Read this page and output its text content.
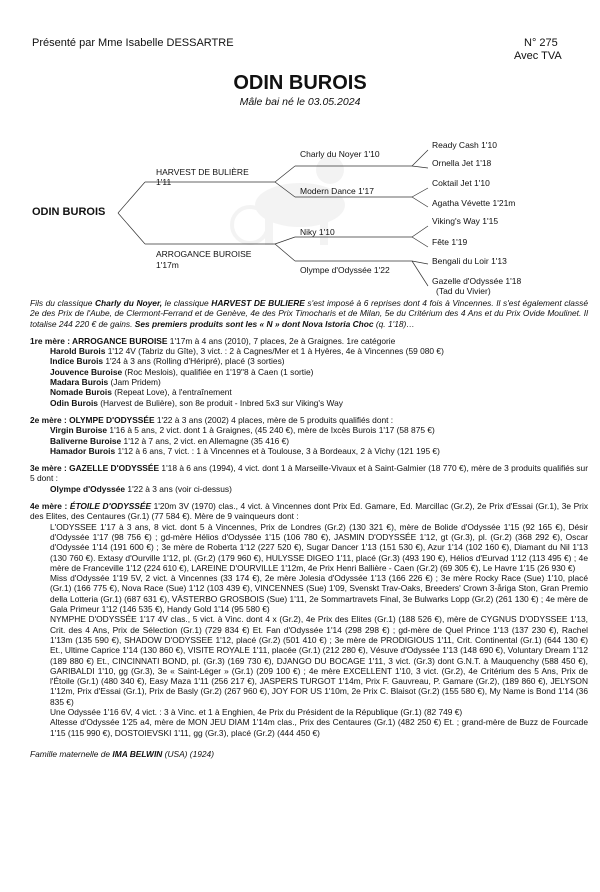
Présenté par Mme Isabelle DESSARTRE	N° 275
Avec TVA
ODIN BUROIS
Mâle bai né le 03.05.2024
ODIN BUROIS
HARVEST DE BULIÈRE
1'11
ARROGANCE BUROISE
1'17m
Charly du Noyer 1'10
Modern Dance 1'17
Niky 1'10
Olympe d'Odyssée 1'22
Ready Cash 1'10
Ornella Jet 1'18
Coktail Jet 1'10
Agatha Vévette 1'21m
Viking's Way 1'15
Fête 1'19
Bengali du Loir 1'13
Gazelle d'Odyssée 1'18
(Tad du Vivier)

Fils du classique Charly du Noyer, le classique HARVEST DE BULIERE s'est imposé à 6 reprises dont 4 fois à Vincennes. Il s'est également classé 2e des Prix de l'Aube, de Clermont-Ferrand et de Genève, 4e des Prix Timocharis et de Milan, 5e du Critérium des 4 Ans et du Prix Ovide Moulinet. Il totalise 244 220 € de gains. Ses premiers produits sont les « N » dont Nova Istoria Choc (q. 1'18)…

1re mère : ARROGANCE BUROISE 1'17m à 4 ans (2010), 7 places, 2e à Graignes. 1re catégorie

Harold Burois 1'12 4V (Tabriz du Gîte), 3 vict. : 2 à Cagnes/Mer et 1 à Hyères, 4e à Vincennes (59 080 €)

Indice Burois 1'24 à 3 ans (Rolling d'Héripré), placé (3 sorties)

Jouvence Buroise (Roc Meslois), qualifiée en 1'19"8 à Caen (1 sortie)

Madara Burois (Jam Pridem)

Nomade Burois (Repeat Love), à l'entraînement

Odin Burois (Harvest de Bulière), son 8e produit - Inbred 5x3 sur Viking's Way

2e mère : OLYMPE D'ODYSSÉE 1'22 à 3 ans (2002) 4 places, mère de 5 produits qualifiés dont :

Virgin Buroise 1'16 à 5 ans, 2 vict. dont 1 à Graignes, (45 240 €), mère de Ixcès Burois 1'17 (58 875 €)

Baliverne Buroise 1'12 à 7 ans, 2 vict. en Allemagne (35 416 €)

Hamador Burois 1'12 à 6 ans, 7 vict. : 1 à Vincennes et à Toulouse, 3 à Bordeaux, 2 à Vichy (121 195 €)

3e mère : GAZELLE D'ODYSSÉE 1'18 à 6 ans (1994), 4 vict. dont 1 à Marseille-Vivaux et à Saint-Galmier (18 770 €), mère de 3 produits qualifiés sur 5 dont :

Olympe d'Odyssée 1'22 à 3 ans (voir ci-dessus)

4e mère : ÉTOILE D'ODYSSÉE 1'20m 3V (1970) clas., 4 vict. à Vincennes dont Prix Ed. Gamare, Ed. Marcillac (Gr.2), 2e Prix d'Essai (Gr.1), 3e Prix des Elites, des Centaures (Gr.1) (77 584 €). Mère de 9 vainqueurs dont :

L'ODYSSEE 1'17 à 3 ans, 8 vict. dont 5 à Vincennes, Prix de Londres (Gr.2) (130 321 €), mère de Bolide d'Odyssée 1'15 (92 165 €), Désir d'Odyssée 1'17 (98 756 €) ; gd-mère Hélios d'Odyssée 1'15 (106 780 €), JASMIN D'ODYSSÉE 1'12, gt (Gr.3), pl. (Gr.2) (368 292 €), Oscar d'Odyssée 1'14 (191 600 €) ; 3e mère de Roberta 1'12 (227 520 €), Sugar Dancer 1'13 (151 530 €), Azur 1'14 (102 160 €), Diamant du Nil 1'13 (130 760 €). Extasy d'Ourville 1'12, pl. (Gr.2) (179 960 €), HULYSSE DIGEO 1'11, placé (Gr.3) (493 190 €), Hélios d'Eurvad 1'12 (113 495 €) ; 4e mère de Franceville 1'12 (224 610 €), LAREINE D'OURVILLE 1'12m, 4e Prix Henri Ballière - Caen (Gr.2) (69 305 €), Le Havre 1'15 (26 930 €)

Miss d'Odyssée 1'19 5V, 2 vict. à Vincennes (33 174 €), 2e mère Jolesia d'Odyssée 1'13 (166 226 €) ; 3e mère Rocky Race (Sue) 1'10, placé (Gr.1) (166 775 €), Nova Race (Sue) 1'12 (103 439 €), VINCENNES (Sue) 1'09, Svenskt Trav-Oaks, Breeders' Crown 3-åriga Ston, Gran Premio della Lotteria (Gr.1) (687 631 €), VÄSTERBO GROSBOIS (Sue) 1'11, 2e Sommartravets Final, 3e Bulwarks Lopp (Gr.2) (261 130 €) ; 4e mère de Gala Primeur 1'12 (146 535 €), Handy Gold 1'14 (95 580 €)

NYMPHE D'ODYSSÉE 1'17 4V clas., 5 vict. à Vinc. dont 4 x (Gr.2), 4e Prix des Elites (Gr.1) (188 526 €), mère de CYGNUS D'ODYSSEE 1'13, Crit. des 4 Ans, Prix de Sélection (Gr.1) (729 834 €) Et. Fan d'Odyssée 1'14 (298 298 €) ; gd-mère de Quel Prince 1'13 (137 230 €), Rachel 1'13m (135 590 €), SHADOW D'ODYSSEE 1'12, placé (Gr.2) (501 410 €) ; 3e mère de PRODIGIOUS 1'11, Crit. Continental (Gr.1) (644 130 €) Et., Ultime Caprice 1'14 (130 860 €), VISITE ROYALE 1'11, placée (Gr.1) (212 280 €), Vésuve d'Odyssée 1'13 (148 690 €), Voluntary Dream 1'12 (189 880 €) Et., CINCINNATI BOND, pl. (Gr.3) (169 730 €), DJANGO DU BOCAGE 1'11, 3 vict. (Gr.3) dont G.N.T. à Mauquenchy (588 450 €), GARIBALDI 1'10, gg (Gr.3), 3e « Saint-Léger » (Gr.1) (209 100 €) ; 4e mère EXCELLENT 1'10, 3 vict. (Gr.2), 4e Critérium des 5 Ans, Prix de l'Étoile (Gr.1) (480 340 €), Easy Maza 1'11 (256 217 €), JASPERS TURGOT 1'14m, Prix F. Gauvreau, P. Gamare (Gr.2), (189 860 €), JELYSON 1'12m, Prix d'Essai (Gr.1), Prix de Basly (Gr.2) (267 960 €), JOY FOR US 1'10m, 2e Prix C. Blaisot (Gr.2) (155 580 €), My Name is Bond 1'14 (36 835 €)

Une Odyssée 1'16 6V, 4 vict. : 3 à Vinc. et 1 à Enghien, 4e Prix du Président de la République (Gr.1) (82 749 €)

Altesse d'Odyssée 1'25 a4, mère de MON JEU DIAM 1'14m clas., Prix des Centaures (Gr.1) (482 250 €) Et. ; grand-mère de Buzz de Fourcade 1'15 (115 990 €), DOSTOIEVSKI 1'11, gg (Gr.3), placé (Gr.2) (444 450 €)

Famille maternelle de IMA BELWIN (USA) (1924)
